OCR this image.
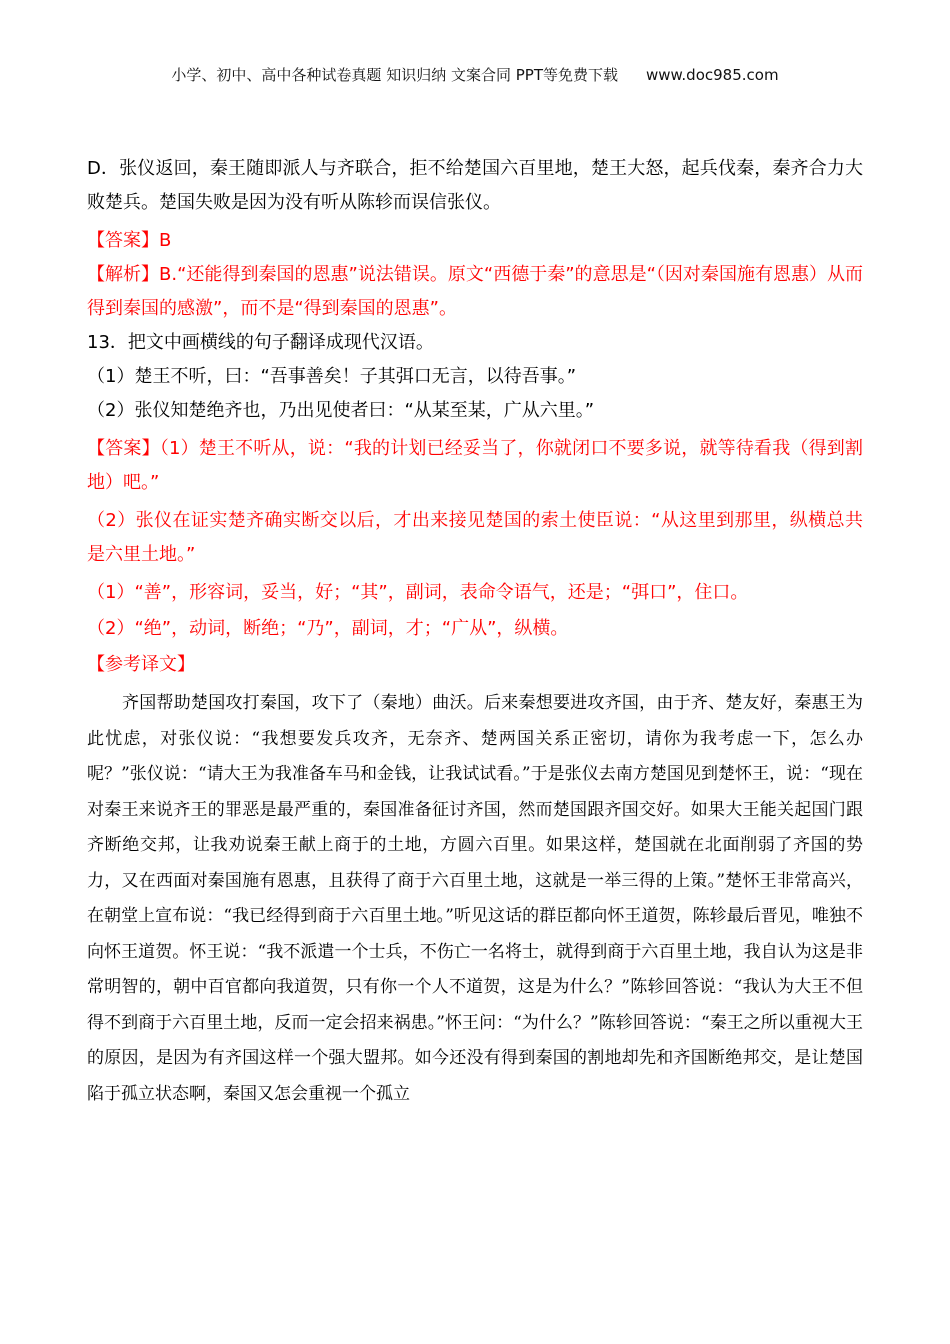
小学、初中、高中各种试卷真题 知识归纳 文案合同 PPT等免费下载 www.doc985.com

D．张仪返回，秦王随即派人与齐联合，拒不给楚国六百里地，楚王大怒，起兵伐秦，秦齐合力大败楚兵。楚国失败是因为没有听从陈轸而误信张仪。

【答案】B

【解析】B.“还能得到秦国的恩惠”说法错误。原文“西德于秦”的意思是“（因对秦国施有恩惠）从而得到秦国的感激”，而不是“得到秦国的恩惠”。

13．把文中画横线的句子翻译成现代汉语。

（1）楚王不听，曰：“吾事善矣！子其弭口无言，以待吾事。”

（2）张仪知楚绝齐也，乃出见使者曰：“从某至某，广从六里。”

【答案】（1）楚王不听从，说：“我的计划已经妥当了，你就闭口不要多说，就等待看我（得到割地）吧。”

（2）张仪在证实楚齐确实断交以后，才出来接见楚国的索土使臣说：“从这里到那里，纵横总共是六里土地。”

（1）“善”，形容词，妥当，好；“其”，副词，表命令语气，还是；“弭口”，住口。

（2）“绝”，动词，断绝；“乃”，副词，才；“广从”，纵横。

【参考译文】

齐国帮助楚国攻打秦国，攻下了（秦地）曲沃。后来秦想要进攻齐国，由于齐、楚友好，秦惠王为此忧虑，对张仪说：“我想要发兵攻齐，无奈齐、楚两国关系正密切，请你为我考虑一下，怎么办呢？”张仪说：“请大王为我准备车马和金钱，让我试试看。”于是张仪去南方楚国见到楚怀王，说：“现在对秦王来说齐王的罪恶是最严重的，秦国准备征讨齐国，然而楚国跟齐国交好。如果大王能关起国门跟齐断绝交邦，让我劝说秦王献上商于的土地，方圆六百里。如果这样，楚国就在北面削弱了齐国的势力，又在西面对秦国施有恩惠，且获得了商于六百里土地，这就是一举三得的上策。”楚怀王非常高兴，在朝堂上宣布说：“我已经得到商于六百里土地。”听见这话的群臣都向怀王道贺，陈轸最后晋见，唯独不向怀王道贺。怀王说：“我不派遣一个士兵，不伤亡一名将士，就得到商于六百里土地，我自认为这是非常明智的，朝中百官都向我道贺，只有你一个人不道贺，这是为什么？”陈轸回答说：“我认为大王不但得不到商于六百里土地，反而一定会招来祸患。”怀王问：“为什么？”陈轸回答说：“秦王之所以重视大王的原因，是因为有齐国这样一个强大盟邦。如今还没有得到秦国的割地却先和齐国断绝邦交，是让楚国陷于孤立状态啊，秦国又怎会重视一个孤立
